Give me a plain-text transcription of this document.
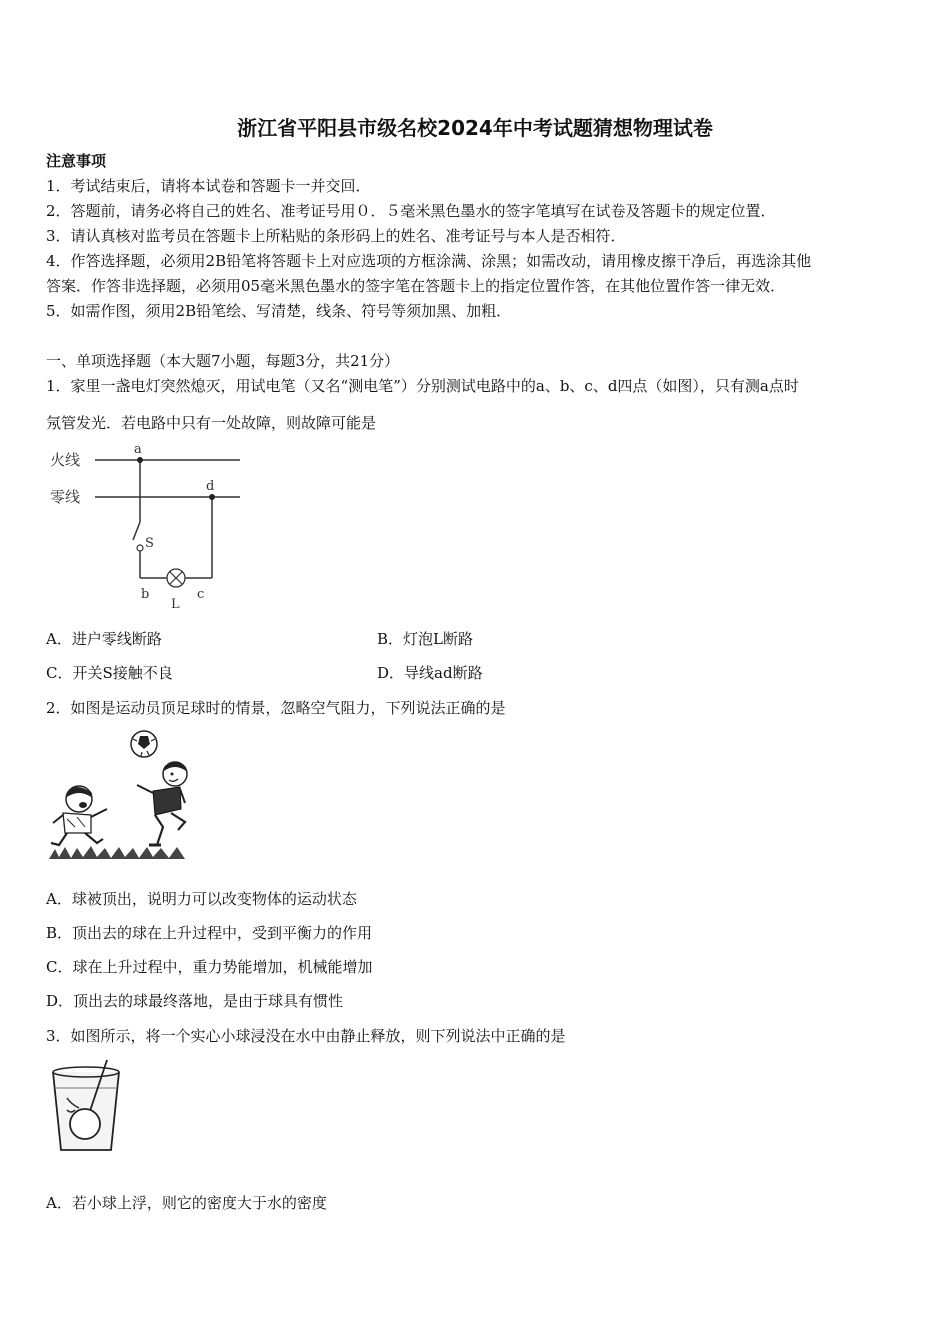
浙江省平阳县市级名校2024年中考试题猜想物理试卷
注意事项
1．考试结束后，请将本试卷和答题卡一并交回．
2．答题前，请务必将自己的姓名、准考证号用０．５毫米黑色墨水的签字笔填写在试卷及答题卡的规定位置．
3．请认真核对监考员在答题卡上所粘贴的条形码上的姓名、准考证号与本人是否相符．
4．作答选择题，必须用2B铅笔将答题卡上对应选项的方框涂满、涂黑；如需改动，请用橡皮擦干净后，再选涂其他
答案．作答非选择题，必须用05毫米黑色墨水的签字笔在答题卡上的指定位置作答，在其他位置作答一律无效．
5．如需作图，须用2B铅笔绘、写清楚，线条、符号等须加黑、加粗．
一、单项选择题（本大题7小题，每题3分，共21分）
1．家里一盏电灯突然熄灭，用试电笔（又名“测电笔”）分别测试电路中的a、b、c、d四点（如图），只有测a点时
氖管发光．若电路中只有一处故障，则故障可能是
火线
零线
a
d
S
b
L
c
A．进户零线断路	B．灯泡L断路
C．开关S接触不良	D．导线ad断路
2．如图是运动员顶足球时的情景，忽略空气阻力，下列说法正确的是
A．球被顶出，说明力可以改变物体的运动状态
B．顶出去的球在上升过程中，受到平衡力的作用
C．球在上升过程中，重力势能增加，机械能增加
D．顶出去的球最终落地，是由于球具有惯性
3．如图所示，将一个实心小球浸没在水中由静止释放，则下列说法中正确的是
A．若小球上浮，则它的密度大于水的密度
